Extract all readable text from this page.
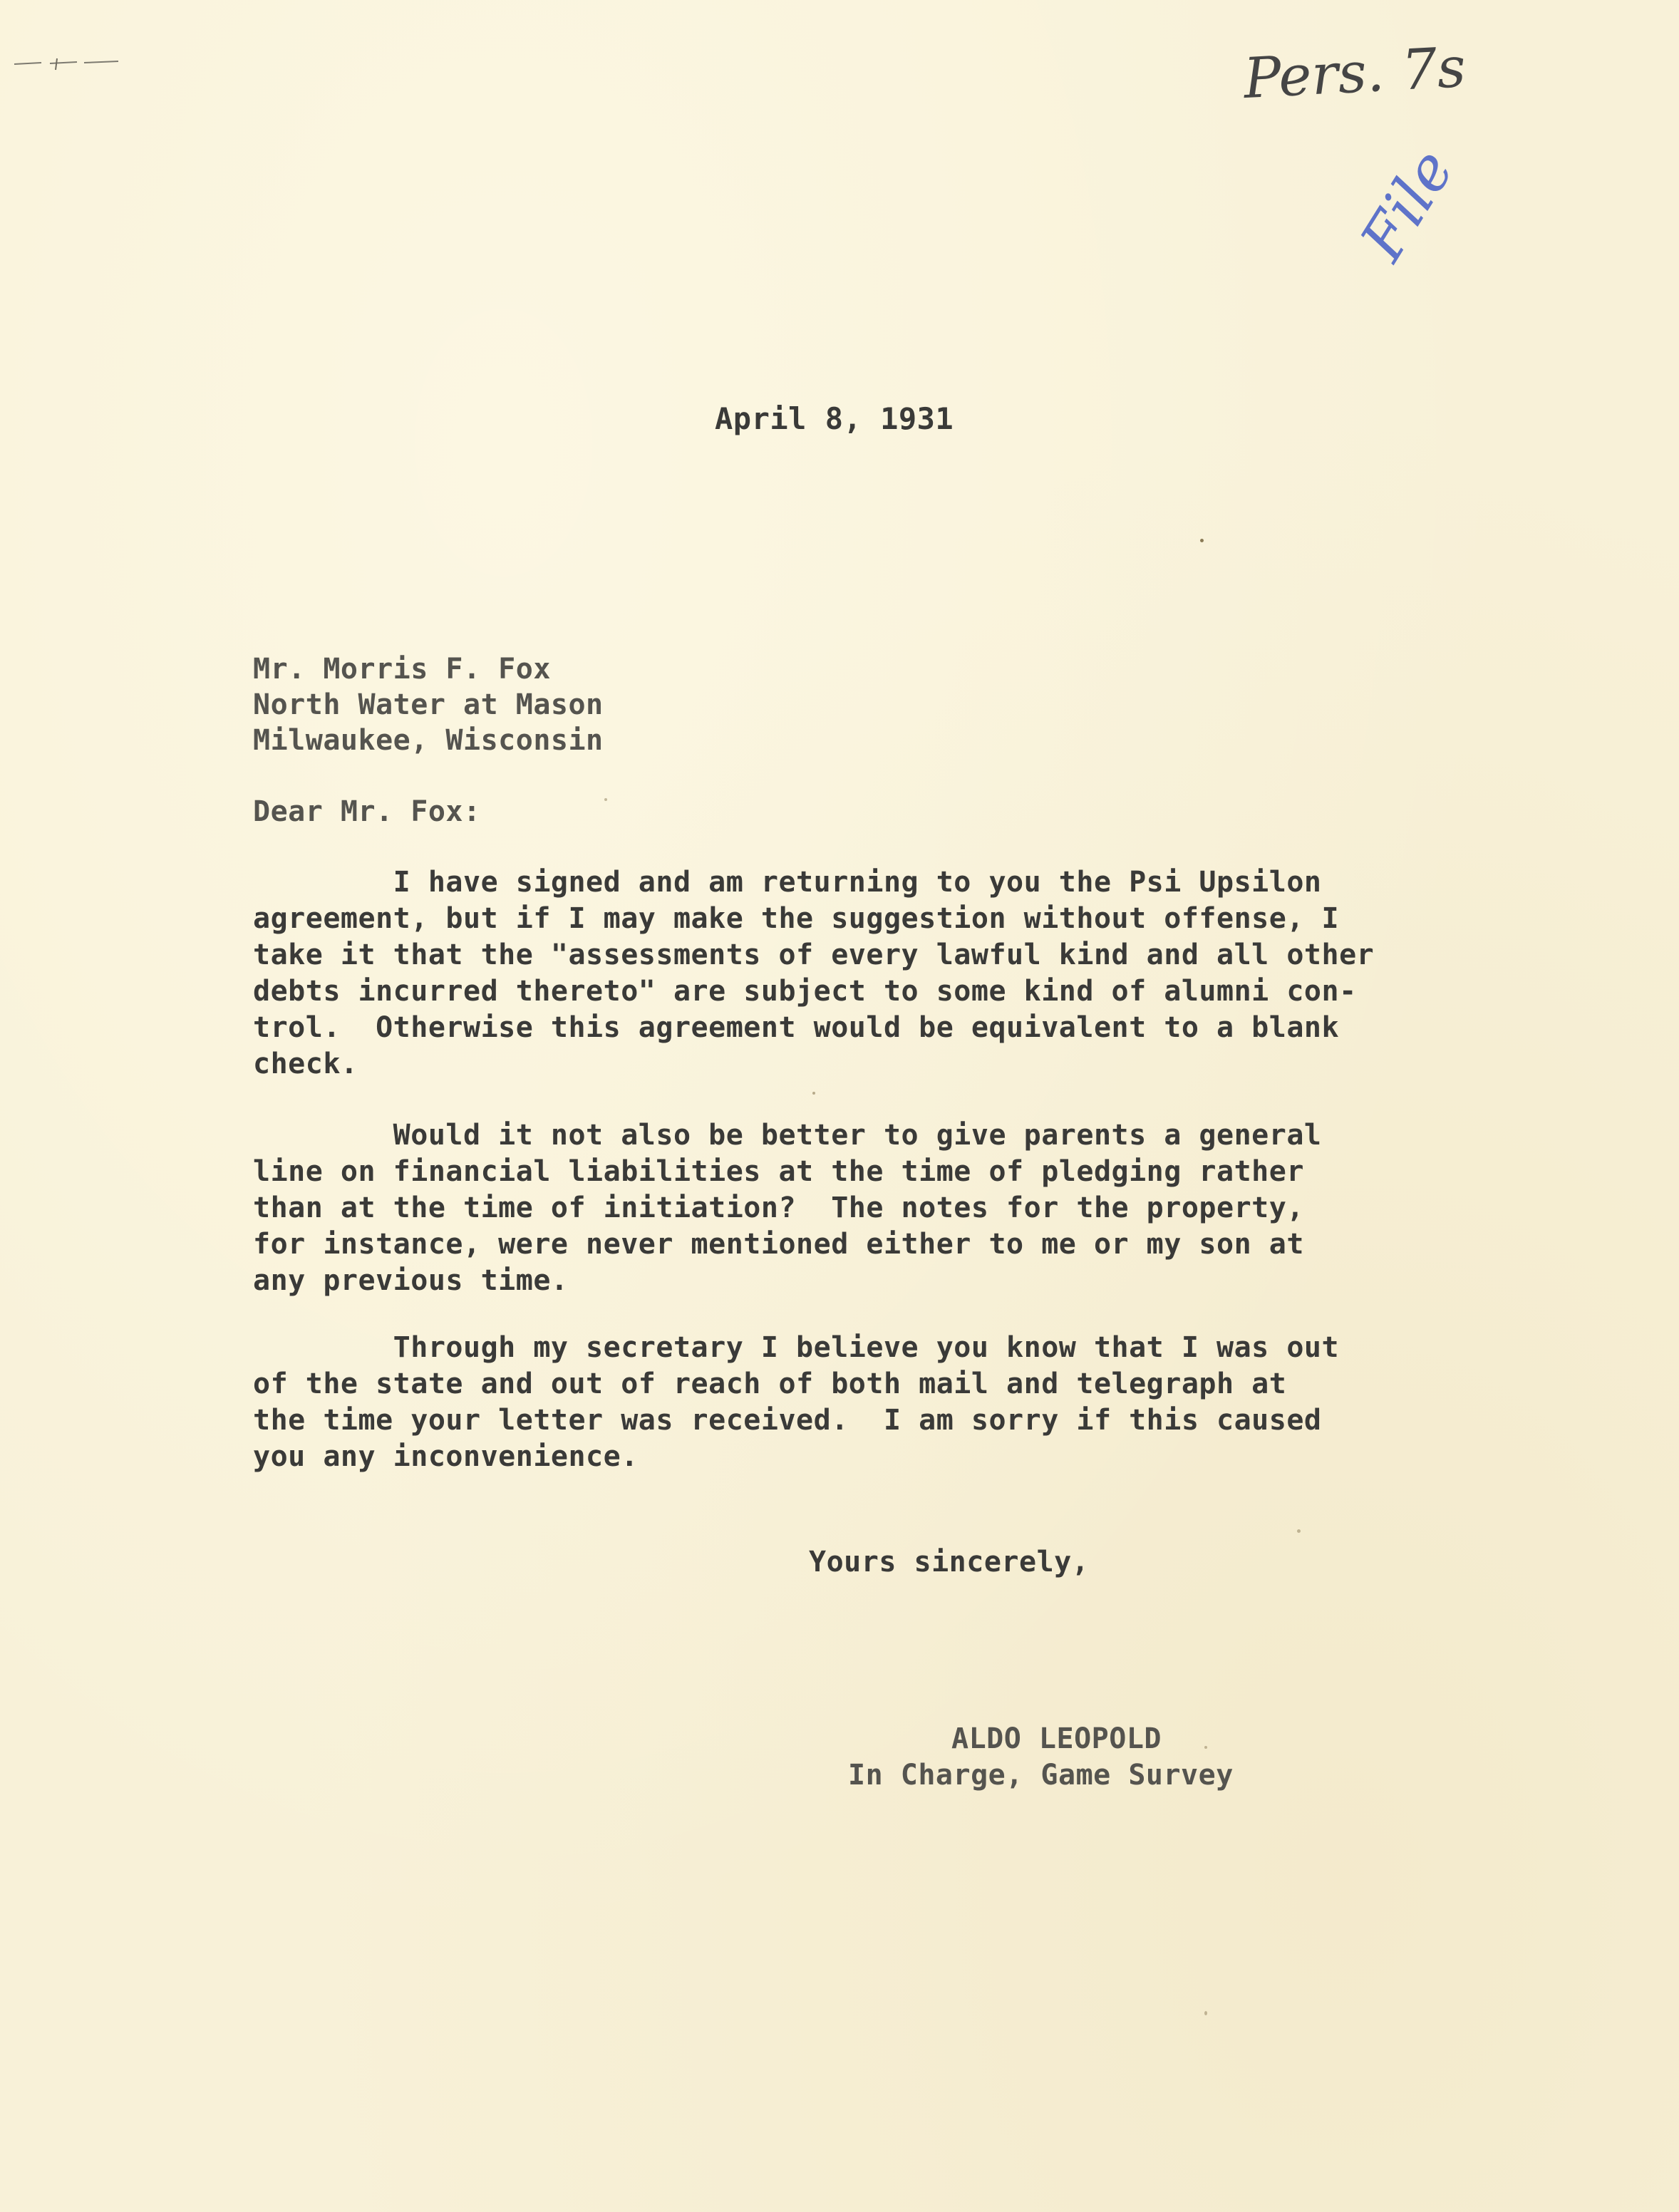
Pers. 7s
File
April 8, 1931
Mr. Morris F. Fox
North Water at Mason
Milwaukee, Wisconsin
Dear Mr. Fox:
I have signed and am returning to you the Psi Upsilon
agreement, but if I may make the suggestion without offense, I
take it that the "assessments of every lawful kind and all other
debts incurred thereto" are subject to some kind of alumni con-
trol.  Otherwise this agreement would be equivalent to a blank
check.
Would it not also be better to give parents a general
line on financial liabilities at the time of pledging rather
than at the time of initiation?  The notes for the property,
for instance, were never mentioned either to me or my son at
any previous time.
Through my secretary I believe you know that I was out
of the state and out of reach of both mail and telegraph at
the time your letter was received.  I am sorry if this caused
you any inconvenience.
Yours sincerely,
ALDO LEOPOLD
In Charge, Game Survey
